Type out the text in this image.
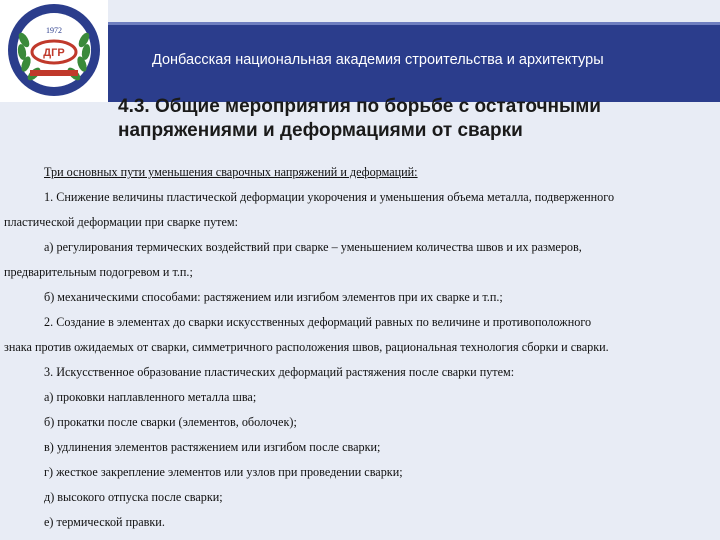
Донбасская национальная академия строительства и архитектуры
1972
ДГР
4.3. Общие мероприятия по борьбе с остаточными
напряжениями и деформациями от сварки

Три основных пути уменьшения сварочных напряжений и деформаций:

1. Снижение величины пластической деформации укорочения и уменьшения объема металла, подверженного

пластической деформации при сварке путем:

а) регулирования термических воздействий при сварке – уменьшением количества швов и их размеров,

предварительным подогревом и т.п.;

б) механическими способами: растяжением или изгибом элементов при их сварке и т.п.;

2. Создание в элементах до сварки искусственных деформаций равных по величине и противоположного

знака против ожидаемых от сварки, симметричного расположения швов, рациональная технология сборки и сварки.

3. Искусственное образование пластических деформаций растяжения после сварки путем:

а) проковки наплавленного металла шва;

б) прокатки после сварки (элементов, оболочек);

в) удлинения элементов растяжением или изгибом после сварки;

г) жесткое закрепление элементов или узлов при проведении сварки;

д) высокого отпуска после сварки;

е) термической правки.
